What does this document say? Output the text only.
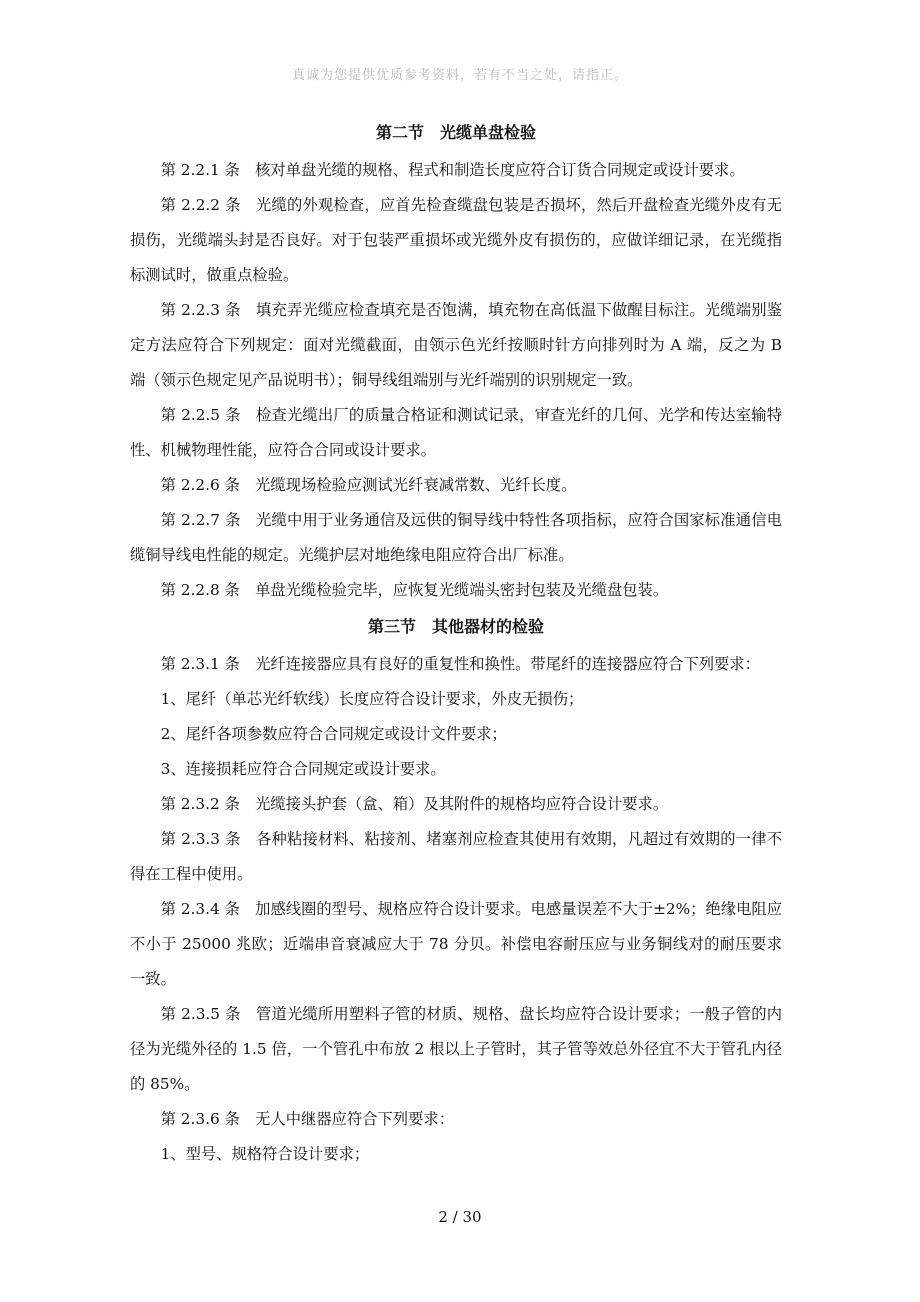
真诚为您提供优质参考资料，若有不当之处，请指正。
第二节　光缆单盘检验

第 2.2.1 条　核对单盘光缆的规格、程式和制造长度应符合订货合同规定或设计要求。

第 2.2.2 条　光缆的外观检查，应首先检查缆盘包装是否损坏，然后开盘检查光缆外皮有无损伤，光缆端头封是否良好。对于包装严重损坏或光缆外皮有损伤的，应做详细记录，在光缆指标测试时，做重点检验。

第 2.2.3 条　填充弄光缆应检查填充是否饱满，填充物在高低温下做醒目标注。光缆端别鉴定方法应符合下列规定：面对光缆截面，由领示色光纤按顺时针方向排列时为 A 端，反之为 B 端（领示色规定见产品说明书）；铜导线组端别与光纤端别的识别规定一致。

第 2.2.5 条　检查光缆出厂的质量合格证和测试记录，审查光纤的几何、光学和传达室输特性、机械物理性能，应符合合同或设计要求。

第 2.2.6 条　光缆现场检验应测试光纤衰减常数、光纤长度。

第 2.2.7 条　光缆中用于业务通信及远供的铜导线中特性各项指标，应符合国家标准通信电缆铜导线电性能的规定。光缆护层对地绝缘电阻应符合出厂标准。

第 2.2.8 条　单盘光缆检验完毕，应恢复光缆端头密封包装及光缆盘包装。

第三节　其他器材的检验

第 2.3.1 条　光纤连接器应具有良好的重复性和换性。带尾纤的连接器应符合下列要求：

1、尾纤（单芯光纤软线）长度应符合设计要求，外皮无损伤；

2、尾纤各项参数应符合合同规定或设计文件要求；

3、连接损耗应符合合同规定或设计要求。

第 2.3.2 条　光缆接头护套（盒、箱）及其附件的规格均应符合设计要求。

第 2.3.3 条　各种粘接材料、粘接剂、堵塞剂应检查其使用有效期，凡超过有效期的一律不得在工程中使用。

第 2.3.4 条　加感线圈的型号、规格应符合设计要求。电感量误差不大于±2%；绝缘电阻应不小于 25000 兆欧；近端串音衰减应大于 78 分贝。补偿电容耐压应与业务铜线对的耐压要求一致。

第 2.3.5 条　管道光缆所用塑料子管的材质、规格、盘长均应符合设计要求；一般子管的内径为光缆外径的 1.5 倍，一个管孔中布放 2 根以上子管时，其子管等效总外径宜不大于管孔内径的 85%。

第 2.3.6 条　无人中继器应符合下列要求：

1、型号、规格符合设计要求；

2 / 30
